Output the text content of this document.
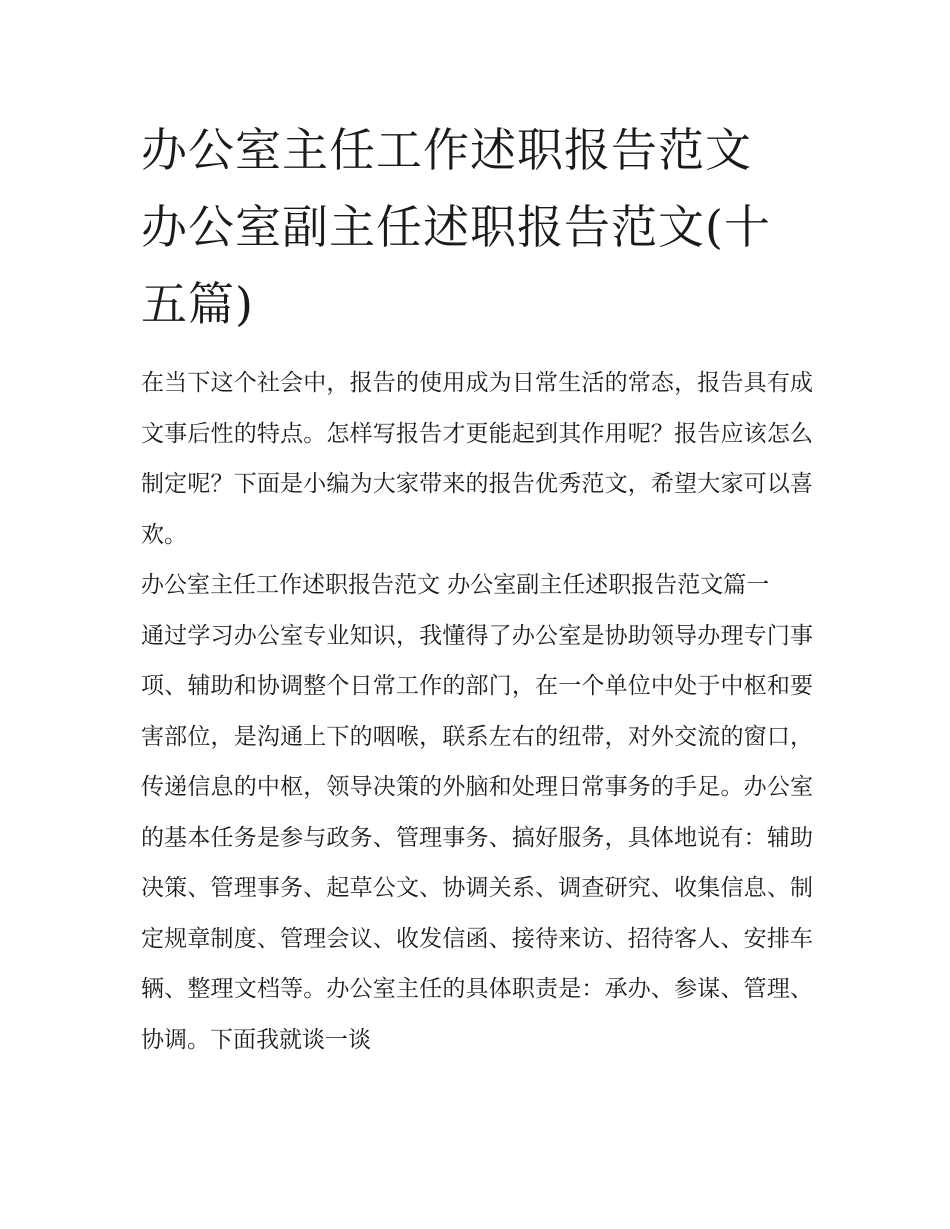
办公室主任工作述职报告范文 办公室副主任述职报告范文(十五篇)

在当下这个社会中，报告的使用成为日常生活的常态，报告具有成文事后性的特点。怎样写报告才更能起到其作用呢？报告应该怎么制定呢？下面是小编为大家带来的报告优秀范文，希望大家可以喜欢。

办公室主任工作述职报告范文 办公室副主任述职报告范文篇一

通过学习办公室专业知识，我懂得了办公室是协助领导办理专门事项、辅助和协调整个日常工作的部门，在一个单位中处于中枢和要害部位，是沟通上下的咽喉，联系左右的纽带，对外交流的窗口，传递信息的中枢，领导决策的外脑和处理日常事务的手足。办公室的基本任务是参与政务、管理事务、搞好服务，具体地说有：辅助决策、管理事务、起草公文、协调关系、调查研究、收集信息、制定规章制度、管理会议、收发信函、接待来访、招待客人、安排车辆、整理文档等。办公室主任的具体职责是：承办、参谋、管理、协调。下面我就谈一谈
